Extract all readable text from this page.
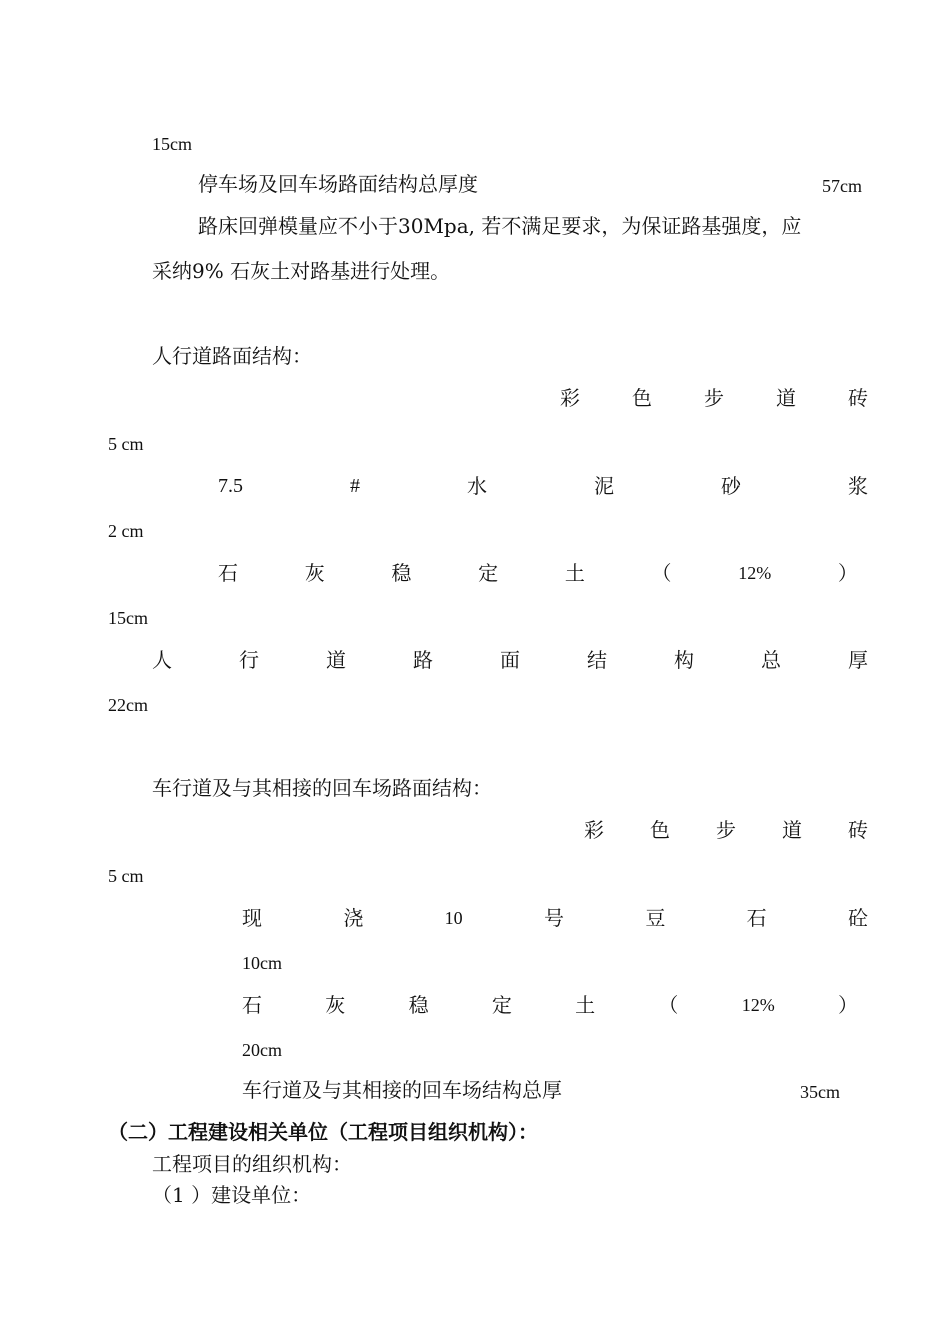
15cm
停车场及回车场路面结构总厚度	57cm
路床回弹模量应不小于30Mpa, 若不满足要求，为保证路基强度，应
采纳9% 石灰土对路基进行处理。
人行道路面结构：
彩	色	步	道	砖
5 cm
7.5	#	水	泥	砂	浆
2 cm
石	灰	稳	定	土	（	12%	）
15cm
人	行	道	路	面	结	构	总	厚
22cm
车行道及与其相接的回车场路面结构：
彩 色 步 道 砖
5 cm
现	浇	10	号	豆	石	砼
10cm
石	灰	稳	定	土	（	12%	）
20cm
车行道及与其相接的回车场结构总厚	35cm
（二）工程建设相关单位（工程项目组织机构）：
工程项目的组织机构：
（1 ）建设单位：
